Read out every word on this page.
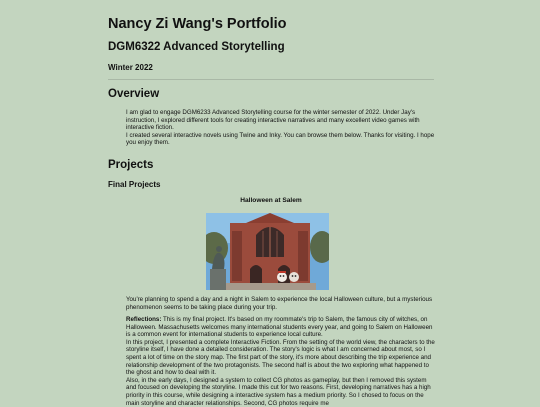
Nancy Zi Wang's Portfolio
DGM6322 Advanced Storytelling
Winter 2022
Overview

I am glad to engage DGM6233 Advanced Storytelling course for the winter semester of 2022. Under Jay's instruction, I explored different tools for creating interactive narratives and many excellent video games with interactive fiction.

I created several interactive novels using Twine and Inky. You can browse them below. Thanks for visiting. I hope you enjoy them.

Projects
Final Projects
Halloween at Salem

You're planning to spend a day and a night in Salem to experience the local Halloween culture, but a mysterious phenomenon seems to be taking place during your trip.

Reflections: This is my final project. It's based on my roommate's trip to Salem, the famous city of witches, on Halloween. Massachusetts welcomes many international students every year, and going to Salem on Halloween is a common event for international students to experience local culture.

In this project, I presented a complete Interactive Fiction. From the setting of the world view, the characters to the storyline itself, I have done a detailed consideration. The story's logic is what I am concerned about most, so I spent a lot of time on the story map. The first part of the story, it's more about describing the trip experience and relationship development of the two protagonists. The second half is about the two exploring what happened to the ghost and how to deal with it.

Also, in the early days, I designed a system to collect CG photos as gameplay, but then I removed this system and focused on developing the storyline. I made this cut for two reasons. First, developing narratives has a high priority in this course, while designing a interactive system has a medium priority. So I chosed to focus on the main storyline and character relationships. Second, CG photos require me
